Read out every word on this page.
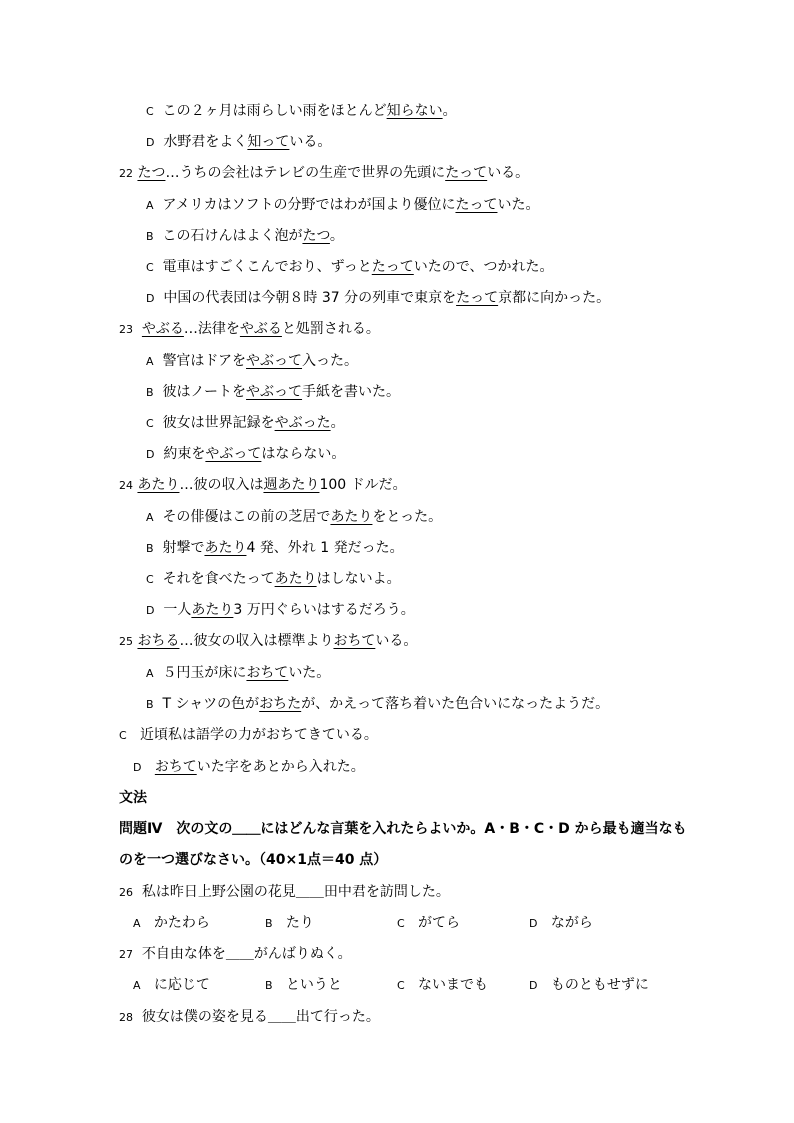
C この２ヶ月は雨らしい雨をほとんど知らない。
D 水野君をよく知っている。
22 たつ…うちの会社はテレビの生産で世界の先頭にたっている。
A アメリカはソフトの分野ではわが国より優位にたっていた。
B この石けんはよく泡がたつ。
C 電車はすごくこんでおり、ずっとたっていたので、つかれた。
D 中国の代表団は今朝８時 37 分の列車で東京をたって京都に向かった。
23 やぶる…法律をやぶると処罰される。
A 警官はドアをやぶって入った。
B 彼はノートをやぶって手紙を書いた。
C 彼女は世界記録をやぶった。
D 約束をやぶってはならない。
24 あたり…彼の収入は週あたり100 ドルだ。
A その俳優はこの前の芝居であたりをとった。
B 射撃であたり4 発、外れ 1 発だった。
C それを食べたってあたりはしないよ。
D 一人あたり3 万円ぐらいはするだろう。
25 おちる…彼女の収入は標準よりおちている。
A ５円玉が床におちていた。
B T シャツの色がおちたが、かえって落ち着いた色合いになったようだ。
C 近頃私は語学の力がおちてきている。
D おちていた字をあとから入れた。
文法
問題Ⅳ　次の文の＿＿にはどんな言葉を入れたらよいか。A・B・C・D から最も適当なも
のを一つ選びなさい。（40×1点＝40 点）
26 私は昨日上野公園の花見＿＿田中君を訪問した。
A かたわら	B たり	C がてら	D ながら
27 不自由な体を＿＿がんばりぬく。
A に応じて	B というと	C ないまでも	D ものともせずに
28 彼女は僕の姿を見る＿＿出て行った。
